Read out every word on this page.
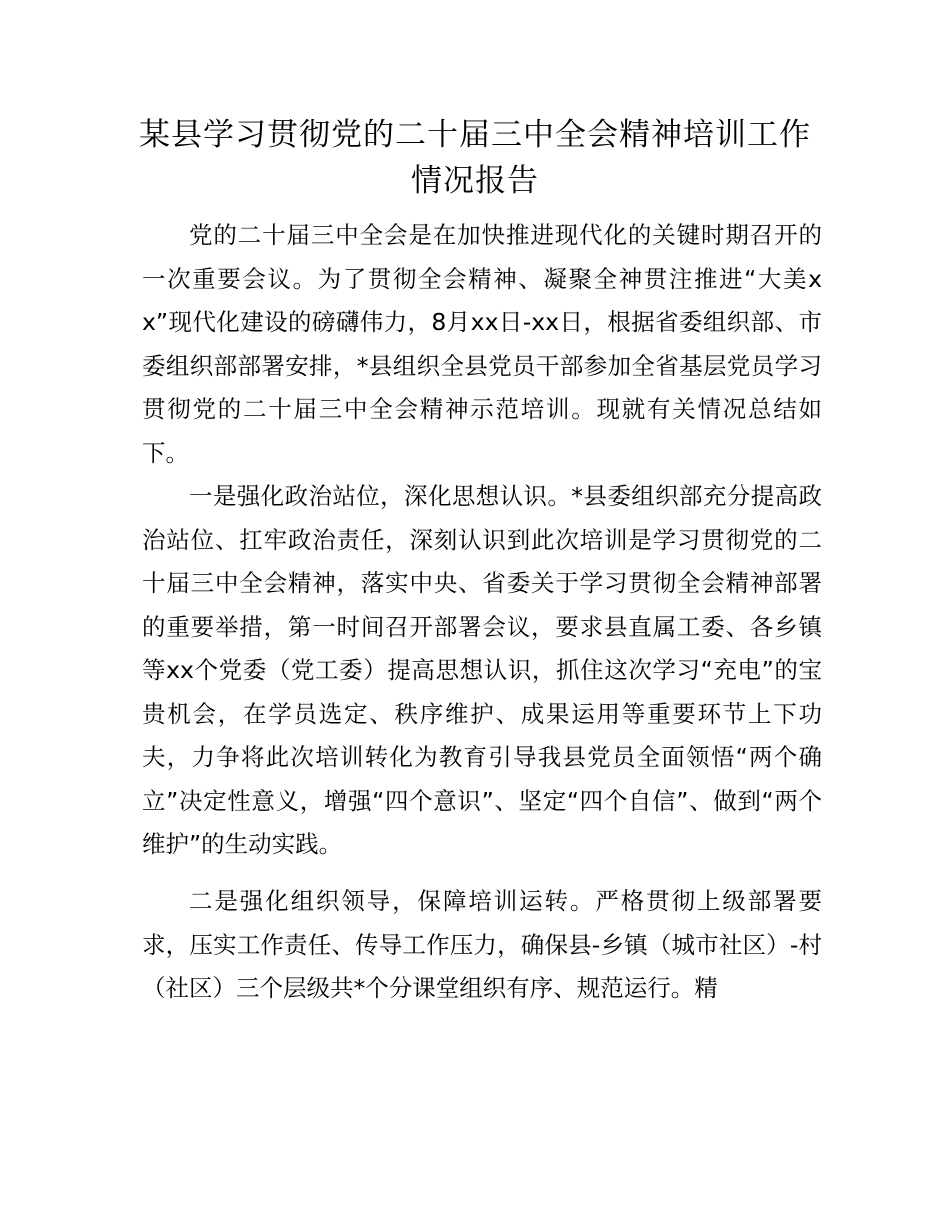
某县学习贯彻党的二十届三中全会精神培训工作情况报告

党的二十届三中全会是在加快推进现代化的关键时期召开的一次重要会议。为了贯彻全会精神、凝聚全神贯注推进“大美xx”现代化建设的磅礴伟力，8月xx日-xx日，根据省委组织部、市委组织部部署安排，*县组织全县党员干部参加全省基层党员学习贯彻党的二十届三中全会精神示范培训。现就有关情况总结如下。

一是强化政治站位，深化思想认识。*县委组织部充分提高政治站位、扛牢政治责任，深刻认识到此次培训是学习贯彻党的二十届三中全会精神，落实中央、省委关于学习贯彻全会精神部署的重要举措，第一时间召开部署会议，要求县直属工委、各乡镇等xx个党委（党工委）提高思想认识，抓住这次学习“充电”的宝贵机会，在学员选定、秩序维护、成果运用等重要环节上下功夫，力争将此次培训转化为教育引导我县党员全面领悟“两个确立”决定性意义，增强“四个意识”、坚定“四个自信”、做到“两个维护”的生动实践。

二是强化组织领导，保障培训运转。严格贯彻上级部署要求，压实工作责任、传导工作压力，确保县-乡镇（城市社区）-村（社区）三个层级共*个分课堂组织有序、规范运行。精
